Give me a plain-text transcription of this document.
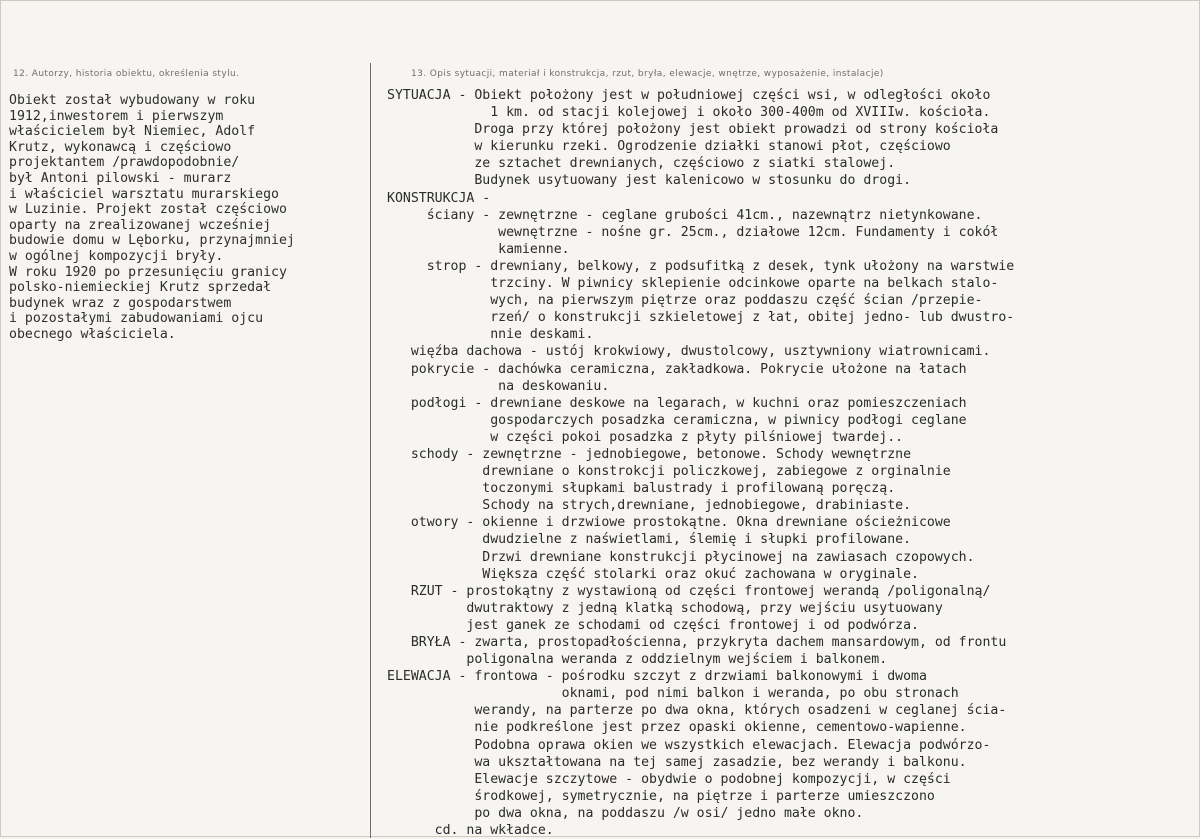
12. Autorzy, historia obiektu, określenia stylu.	13. Opis sytuacji, materiał i konstrukcja, rzut, bryła, elewacje, wnętrze, wyposażenie, instalacje)
Obiekt został wybudowany w roku
1912,inwestorem i pierwszym
właścicielem był Niemiec, Adolf
Krutz, wykonawcą i częściowo
projektantem /prawdopodobnie/
był Antoni pilowski - murarz
i właściciel warsztatu murarskiego
w Luzinie. Projekt został częściowo
oparty na zrealizowanej wcześniej
budowie domu w Lęborku, przynajmniej
w ogólnej kompozycji bryły.
W roku 1920 po przesunięciu granicy
polsko-niemieckiej Krutz sprzedał
budynek wraz z gospodarstwem
i pozostałymi zabudowaniami ojcu
obecnego właściciela.
SYTUACJA - Obiekt położony jest w południowej części wsi, w odległości około
1 km. od stacji kolejowej i około 300-400m od XVIIIw. kościoła.
Droga przy której położony jest obiekt prowadzi od strony kościoła
w kierunku rzeki. Ogrodzenie działki stanowi płot, częściowo
ze sztachet drewnianych, częściowo z siatki stalowej.
Budynek usytuowany jest kalenicowo w stosunku do drogi.
KONSTRUKCJA -
ściany - zewnętrzne - ceglane grubości 41cm., nazewnątrz nietynkowane.
wewnętrzne - nośne gr. 25cm., działowe 12cm. Fundamenty i cokół
kamienne.
strop - drewniany, belkowy, z podsufitką z desek, tynk ułożony na warstwie
trzciny. W piwnicy sklepienie odcinkowe oparte na belkach stalo-
wych, na pierwszym piętrze oraz poddaszu część ścian /przepie-
rzeń/ o konstrukcji szkieletowej z łat, obitej jedno- lub dwustro-
nnie deskami.
więźba dachowa - ustój krokwiowy, dwustolcowy, usztywniony wiatrownicami.
pokrycie - dachówka ceramiczna, zakładkowa. Pokrycie ułożone na łatach
na deskowaniu.
podłogi - drewniane deskowe na legarach, w kuchni oraz pomieszczeniach
gospodarczych posadzka ceramiczna, w piwnicy podłogi ceglane
w części pokoi posadzka z płyty pilśniowej twardej..
schody - zewnętrzne - jednobiegowe, betonowe. Schody wewnętrzne
drewniane o konstrokcji policzkowej, zabiegowe z orginalnie
toczonymi słupkami balustrady i profilowaną poręczą.
Schody na strych,drewniane, jednobiegowe, drabiniaste.
otwory - okienne i drzwiowe prostokątne. Okna drewniane ościeżnicowe
dwudzielne z naświetlami, ślemię i słupki profilowane.
Drzwi drewniane konstrukcji płycinowej na zawiasach czopowych.
Większa część stolarki oraz okuć zachowana w oryginale.
RZUT - prostokątny z wystawioną od części frontowej werandą /poligonalną/
dwutraktowy z jedną klatką schodową, przy wejściu usytuowany
jest ganek ze schodami od części frontowej i od podwórza.
BRYŁA - zwarta, prostopadłościenna, przykryta dachem mansardowym, od frontu
poligonalna weranda z oddzielnym wejściem i balkonem.
ELEWACJA - frontowa - pośrodku szczyt z drzwiami balkonowymi i dwoma
oknami, pod nimi balkon i weranda, po obu stronach
werandy, na parterze po dwa okna, których osadzeni w ceglanej ścia-
nie podkreślone jest przez opaski okienne, cementowo-wapienne.
Podobna oprawa okien we wszystkich elewacjach. Elewacja podwórzo-
wa ukształtowana na tej samej zasadzie, bez werandy i balkonu.
Elewacje szczytowe - obydwie o podobnej kompozycji, w części
środkowej, symetrycznie, na piętrze i parterze umieszczono
po dwa okna, na poddaszu /w osi/ jedno małe okno.
cd. na wkładce.
